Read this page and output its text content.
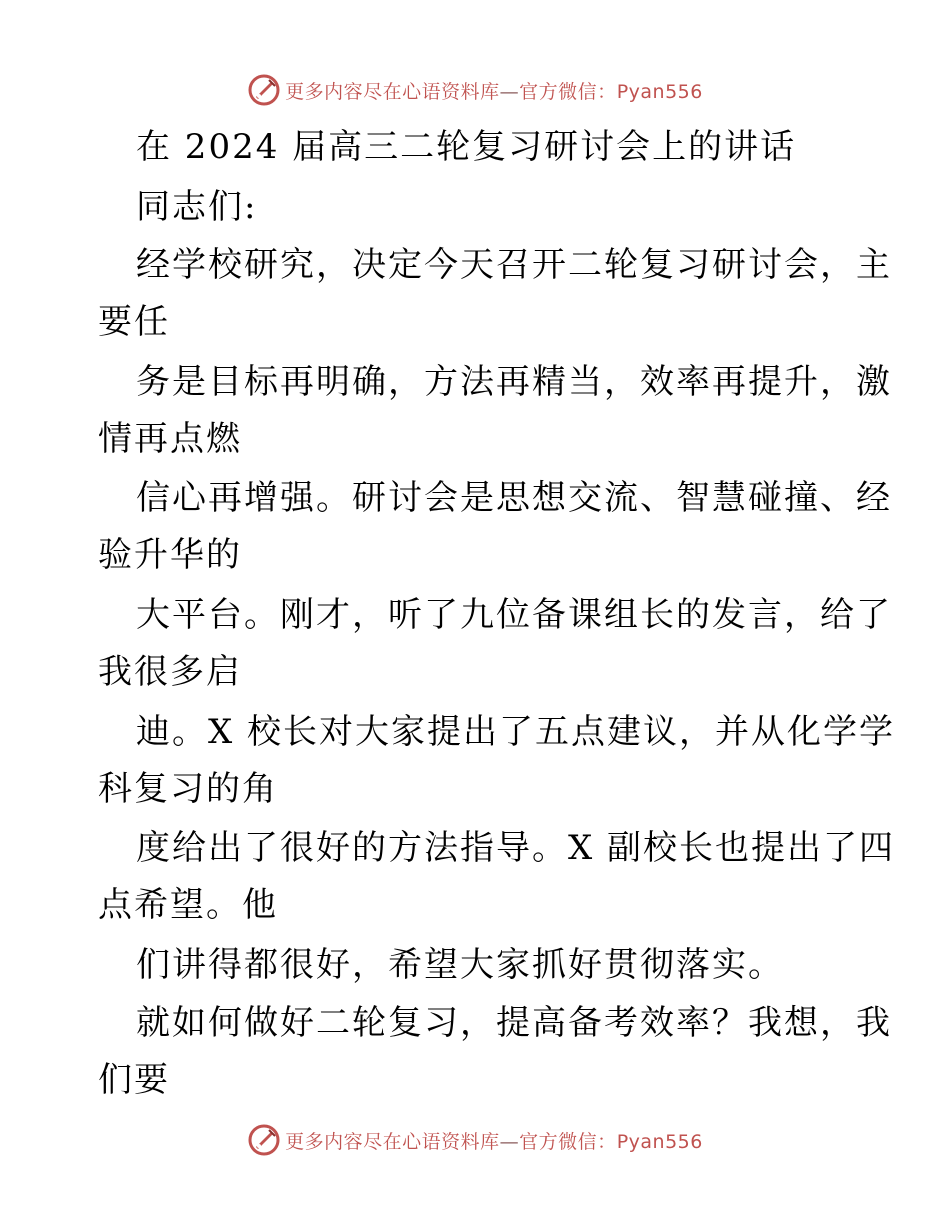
更多内容尽在心语资料库—官方微信：Pyan556
在 2024 届高三二轮复习研讨会上的讲话
同志们:
经学校研究，决定今天召开二轮复习研讨会，主
要任
务是目标再明确，方法再精当，效率再提升，激
情再点燃
信心再增强。研讨会是思想交流、智慧碰撞、经
验升华的
大平台。刚才，听了九位备课组长的发言，给了
我很多启
迪。X 校长对大家提出了五点建议，并从化学学
科复习的角
度给出了很好的方法指导。X 副校长也提出了四
点希望。他
们讲得都很好，希望大家抓好贯彻落实。
就如何做好二轮复习，提高备考效率？我想，我
们要
更多内容尽在心语资料库—官方微信：Pyan556
